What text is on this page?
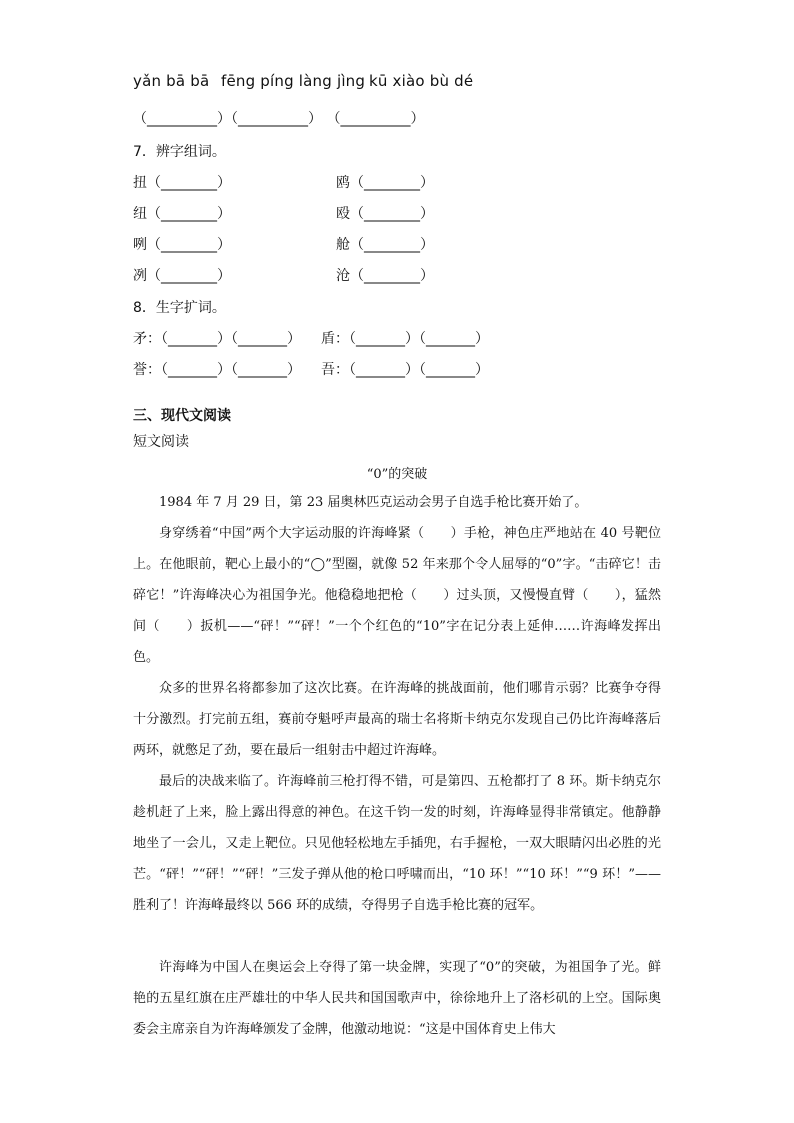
yǎn bā bā fēng píng làng jìng kū xiào bù dé
（__________）（__________） （__________）
7．辨字组词。
扭（________）
纽（________）
咧（________）
冽（________）
鸥（________）
殴（________）
舱（________）
沧（________）
8．生字扩词。
矛：（_______）（_______） 盾：（_______）（_______）
誉：（_______）（_______） 吾：（_______）（_______）
三、现代文阅读
短文阅读
“0”的突破

1984 年 7 月 29 日，第 23 届奥林匹克运动会男子自选手枪比赛开始了。

身穿绣着“中国”两个大字运动服的许海峰紧（　　）手枪，神色庄严地站在 40 号靶位上。在他眼前，靶心上最小的“◯”型圈，就像 52 年来那个令人屈辱的“0”字。“击碎它！击碎它！”许海峰决心为祖国争光。他稳稳地把枪（　　）过头顶，又慢慢直臂（　　），猛然间（　　）扳机——“砰！”“砰！”一个个红色的“10”字在记分表上延伸……许海峰发挥出色。

众多的世界名将都参加了这次比赛。在许海峰的挑战面前，他们哪肯示弱？比赛争夺得十分激烈。打完前五组，赛前夺魁呼声最高的瑞士名将斯卡纳克尔发现自己仍比许海峰落后两环，就憋足了劲，要在最后一组射击中超过许海峰。

最后的决战来临了。许海峰前三枪打得不错，可是第四、五枪都打了 8 环。斯卡纳克尔趁机赶了上来，脸上露出得意的神色。在这千钧一发的时刻，许海峰显得非常镇定。他静静地坐了一会儿，又走上靶位。只见他轻松地左手插兜，右手握枪，一双大眼睛闪出必胜的光芒。“砰！”“砰！”“砰！”三发子弹从他的枪口呼啸而出，“10 环！”“10 环！”“9 环！”——胜利了！许海峰最终以 566 环的成绩，夺得男子自选手枪比赛的冠军。

许海峰为中国人在奥运会上夺得了第一块金牌，实现了“0”的突破，为祖国争了光。鲜艳的五星红旗在庄严雄壮的中华人民共和国国歌声中，徐徐地升上了洛杉矶的上空。国际奥委会主席亲自为许海峰颁发了金牌，他激动地说：“这是中国体育史上伟大
